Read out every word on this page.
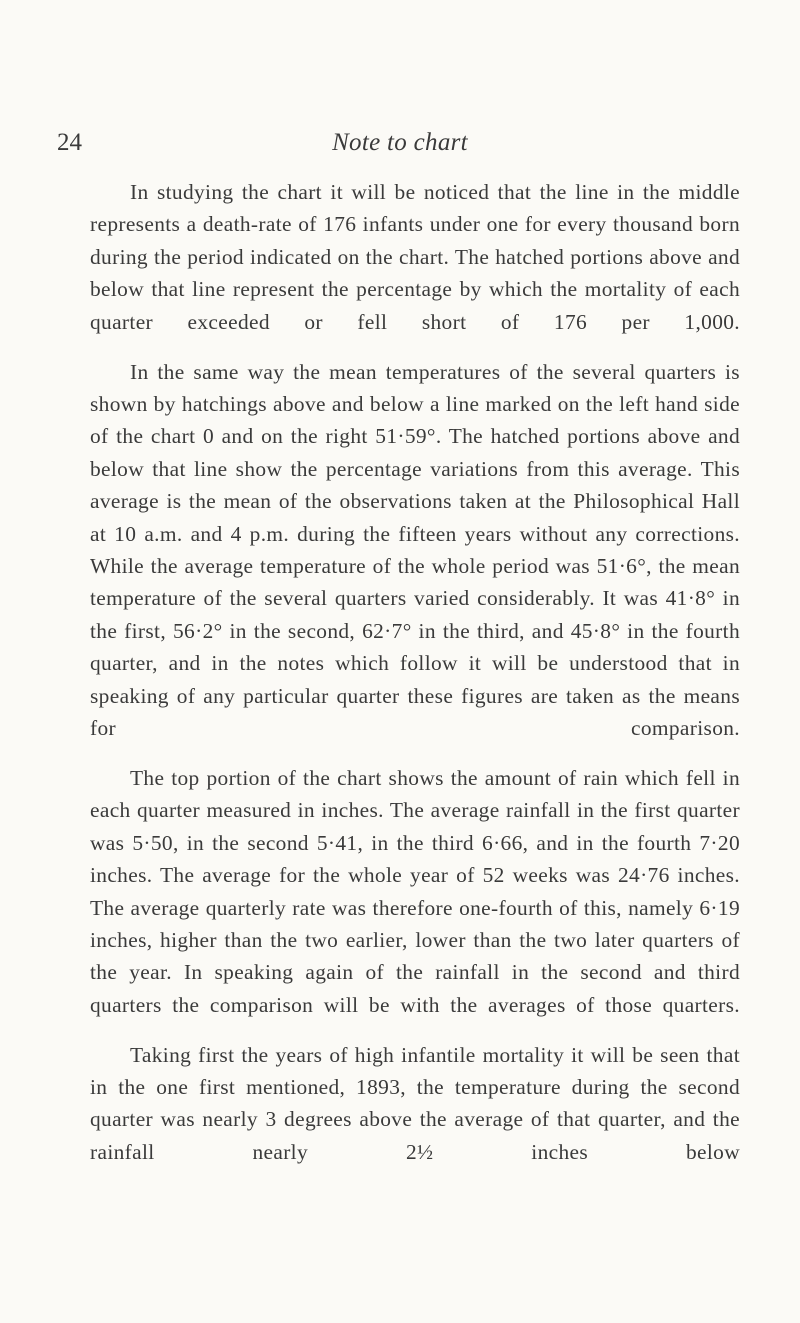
24	Note to chart

In studying the chart it will be noticed that the line in the middle represents a death-rate of 176 infants under one for every thousand born during the period indicated on the chart. The hatched portions above and below that line represent the percentage by which the mortality of each quarter exceeded or fell short of 176 per 1,000.

In the same way the mean temperatures of the several quarters is shown by hatchings above and below a line marked on the left hand side of the chart 0 and on the right 51·59°. The hatched portions above and below that line show the percentage variations from this average. This average is the mean of the observations taken at the Philosophical Hall at 10 a.m. and 4 p.m. during the fifteen years without any corrections. While the average temperature of the whole period was 51·6°, the mean temperature of the several quarters varied considerably. It was 41·8° in the first, 56·2° in the second, 62·7° in the third, and 45·8° in the fourth quarter, and in the notes which follow it will be understood that in speaking of any particular quarter these figures are taken as the means for comparison.

The top portion of the chart shows the amount of rain which fell in each quarter measured in inches. The average rainfall in the first quarter was 5·50, in the second 5·41, in the third 6·66, and in the fourth 7·20 inches. The average for the whole year of 52 weeks was 24·76 inches. The average quarterly rate was therefore one-fourth of this, namely 6·19 inches, higher than the two earlier, lower than the two later quarters of the year. In speaking again of the rainfall in the second and third quarters the comparison will be with the averages of those quarters.

Taking first the years of high infantile mortality it will be seen that in the one first mentioned, 1893, the temperature during the second quarter was nearly 3 degrees above the average of that quarter, and the rainfall nearly 2½ inches below
